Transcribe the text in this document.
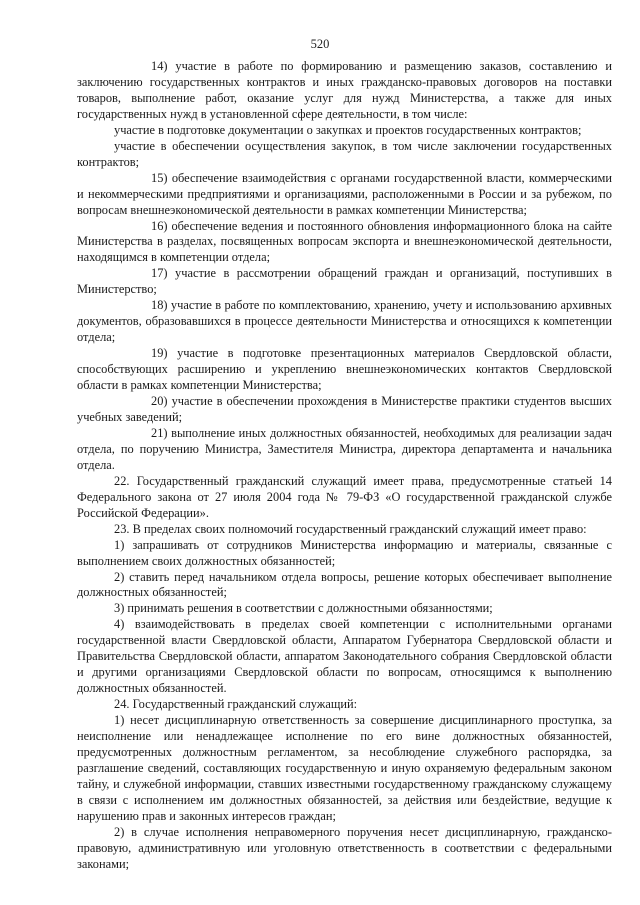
520

14) участие в работе по формированию и размещению заказов, составлению и заключению государственных контрактов и иных гражданско-правовых договоров на поставки товаров, выполнение работ, оказание услуг для нужд Министерства, а также для иных государственных нужд в установленной сфере деятельности, в том числе:

участие в подготовке документации о закупках и проектов государственных контрактов;

участие в обеспечении осуществления закупок, в том числе заключении государственных контрактов;

15) обеспечение взаимодействия с органами государственной власти, коммерческими и некоммерческими предприятиями и организациями, расположенными в России и за рубежом, по вопросам внешнеэкономической деятельности в рамках компетенции Министерства;

16) обеспечение ведения и постоянного обновления информационного блока на сайте Министерства в разделах, посвященных вопросам экспорта и внешнеэкономической деятельности, находящимся в компетенции отдела;

17) участие в рассмотрении обращений граждан и организаций, поступивших в Министерство;

18) участие в работе по комплектованию, хранению, учету и использованию архивных документов, образовавшихся в процессе деятельности Министерства и относящихся к компетенции отдела;

19) участие в подготовке презентационных материалов Свердловской области, способствующих расширению и укреплению внешнеэкономических контактов Свердловской области в рамках компетенции Министерства;

20) участие в обеспечении прохождения в Министерстве практики студентов высших учебных заведений;

21) выполнение иных должностных обязанностей, необходимых для реализации задач отдела, по поручению Министра, Заместителя Министра, директора департамента и начальника отдела.

22. Государственный гражданский служащий имеет права, предусмотренные статьей 14 Федерального закона от 27 июля 2004 года № 79-ФЗ «О государственной гражданской службе Российской Федерации».

23. В пределах своих полномочий государственный гражданский служащий имеет право:

1) запрашивать от сотрудников Министерства информацию и материалы, связанные с выполнением своих должностных обязанностей;

2) ставить перед начальником отдела вопросы, решение которых обеспечивает выполнение должностных обязанностей;

3) принимать решения в соответствии с должностными обязанностями;

4) взаимодействовать в пределах своей компетенции с исполнительными органами государственной власти Свердловской области, Аппаратом Губернатора Свердловской области и Правительства Свердловской области, аппаратом Законодательного собрания Свердловской области и другими организациями Свердловской области по вопросам, относящимся к выполнению должностных обязанностей.

24. Государственный гражданский служащий:

1) несет дисциплинарную ответственность за совершение дисциплинарного проступка, за неисполнение или ненадлежащее исполнение по его вине должностных обязанностей, предусмотренных должностным регламентом, за несоблюдение служебного распорядка, за разглашение сведений, составляющих государственную и иную охраняемую федеральным законом тайну, и служебной информации, ставших известными государственному гражданскому служащему в связи с исполнением им должностных обязанностей, за действия или бездействие, ведущие к нарушению прав и законных интересов граждан;

2) в случае исполнения неправомерного поручения несет дисциплинарную, гражданско-правовую, административную или уголовную ответственность в соответствии с федеральными законами;
